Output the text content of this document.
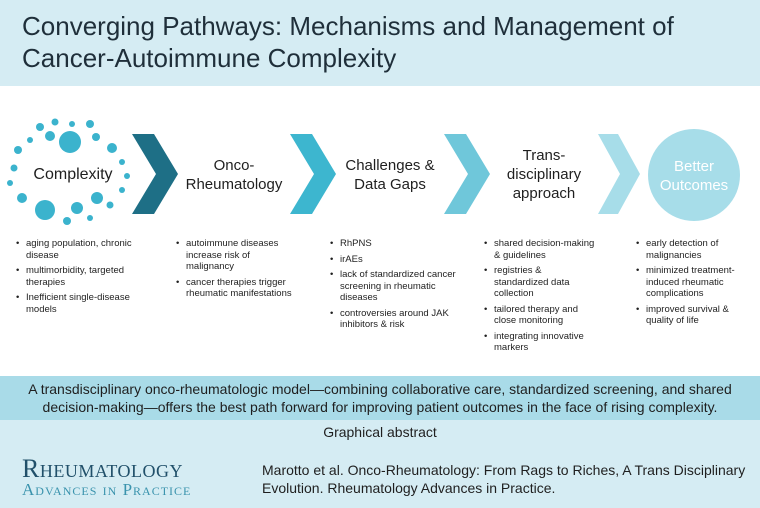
Converging Pathways: Mechanisms and Management of Cancer-Autoimmune Complexity
Complexity
Onco-
Rheumatology
Challenges &
Data Gaps
Trans-
disciplinary
approach
Better
Outcomes
• aging population, chronic disease
• multimorbidity, targeted therapies
• Inefficient single-disease models
• autoimmune diseases increase risk of malignancy
• cancer therapies trigger rheumatic manifestations
• RhPNS
• irAEs
• lack of standardized cancer screening in rheumatic diseases
• controversies around JAK inhibitors & risk
• shared decision-making & guidelines
• registries & standardized data collection
• tailored therapy and close monitoring
• integrating innovative markers
• early detection of malignancies
• minimized treatment-induced rheumatic complications
• improved survival & quality of life
A transdisciplinary onco-rheumatologic model—combining collaborative care, standardized screening, and shared decision-making—offers the best path forward for improving patient outcomes in the face of rising complexity.
Graphical abstract
Rheumatology
Advances in Practice
Marotto et al. Onco-Rheumatology: From Rags to Riches, A Trans Disciplinary Evolution. Rheumatology Advances in Practice.
